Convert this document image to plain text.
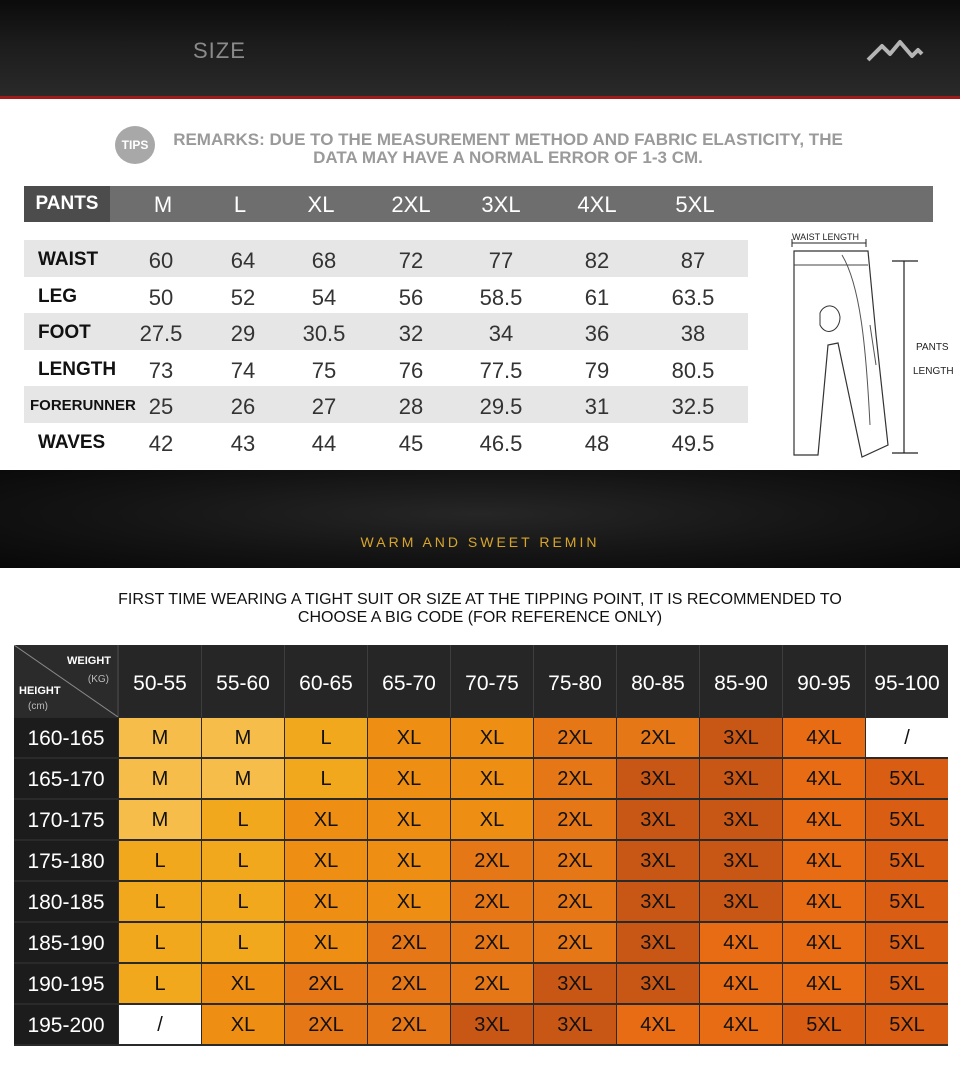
SIZE
TIPS	REMARKS: DUE TO THE MEASUREMENT METHOD AND FABRIC ELASTICITY, THE
DATA MAY HAVE A NORMAL ERROR OF 1-3 CM.
PANTS	M	L	XL	2XL	3XL	4XL	5XL
WAIST	60	64	68	72	77	82	87
LEG	50	52	54	56	58.5	61	63.5
FOOT	27.5	29	30.5	32	34	36	38
LENGTH	73	74	75	76	77.5	79	80.5
FORERUNNER 25	26	27	28	29.5	31	32.5
WAVES	42	43	44	45	46.5	48	49.5
WAIST LENGTH
PANTS
LENGTH
WARM AND SWEET REMIN
FIRST TIME WEARING A TIGHT SUIT OR SIZE AT THE TIPPING POINT, IT IS RECOMMENDED TO
CHOOSE A BIG CODE (FOR REFERENCE ONLY)
WEIGHT
(KG)
HEIGHT
(cm)
50-55	55-60	60-65	65-70	70-75	75-80	80-85	85-90	90-95	95-100
160-165	M	M	L	XL	XL	2XL	2XL	3XL	4XL	/
165-170	M	M	L	XL	XL	2XL	3XL	3XL	4XL	5XL
170-175	M	L	XL	XL	XL	2XL	3XL	3XL	4XL	5XL
175-180	L	L	XL	XL	2XL	2XL	3XL	3XL	4XL	5XL
180-185	L	L	XL	XL	2XL	2XL	3XL	3XL	4XL	5XL
185-190	L	L	XL	2XL	2XL	2XL	3XL	4XL	4XL	5XL
190-195	L	XL	2XL	2XL	2XL	3XL	3XL	4XL	4XL	5XL
195-200	/	XL	2XL	2XL	3XL	3XL	4XL	4XL	5XL	5XL
